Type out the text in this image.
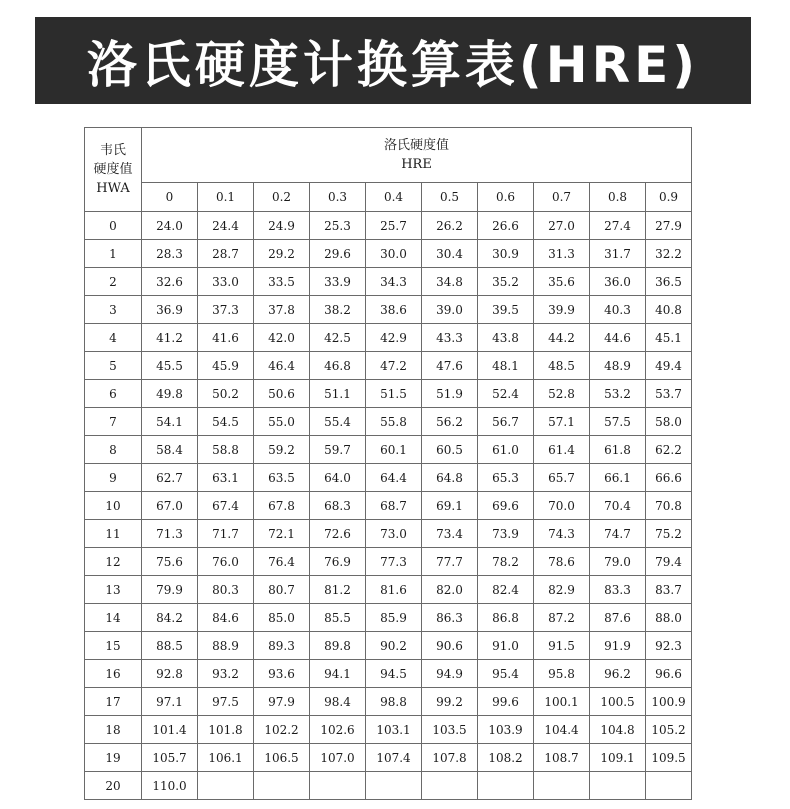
洛氏硬度计换算表(HRE)
韦氏
硬度值
HWA	洛氏硬度值
HRE									

	0	0.1	0.2	0.3	0.4	0.5	0.6	0.7	0.8	0.9
0	24.0	24.4	24.9	25.3	25.7	26.2	26.6	27.0	27.4	27.9
1	28.3	28.7	29.2	29.6	30.0	30.4	30.9	31.3	31.7	32.2
2	32.6	33.0	33.5	33.9	34.3	34.8	35.2	35.6	36.0	36.5
3	36.9	37.3	37.8	38.2	38.6	39.0	39.5	39.9	40.3	40.8
4	41.2	41.6	42.0	42.5	42.9	43.3	43.8	44.2	44.6	45.1
5	45.5	45.9	46.4	46.8	47.2	47.6	48.1	48.5	48.9	49.4
6	49.8	50.2	50.6	51.1	51.5	51.9	52.4	52.8	53.2	53.7
7	54.1	54.5	55.0	55.4	55.8	56.2	56.7	57.1	57.5	58.0
8	58.4	58.8	59.2	59.7	60.1	60.5	61.0	61.4	61.8	62.2
9	62.7	63.1	63.5	64.0	64.4	64.8	65.3	65.7	66.1	66.6
10	67.0	67.4	67.8	68.3	68.7	69.1	69.6	70.0	70.4	70.8
11	71.3	71.7	72.1	72.6	73.0	73.4	73.9	74.3	74.7	75.2
12	75.6	76.0	76.4	76.9	77.3	77.7	78.2	78.6	79.0	79.4
13	79.9	80.3	80.7	81.2	81.6	82.0	82.4	82.9	83.3	83.7
14	84.2	84.6	85.0	85.5	85.9	86.3	86.8	87.2	87.6	88.0
15	88.5	88.9	89.3	89.8	90.2	90.6	91.0	91.5	91.9	92.3
16	92.8	93.2	93.6	94.1	94.5	94.9	95.4	95.8	96.2	96.6
17	97.1	97.5	97.9	98.4	98.8	99.2	99.6	100.1	100.5	100.9
18	101.4	101.8	102.2	102.6	103.1	103.5	103.9	104.4	104.8	105.2
19	105.7	106.1	106.5	107.0	107.4	107.8	108.2	108.7	109.1	109.5
20	110.0									
